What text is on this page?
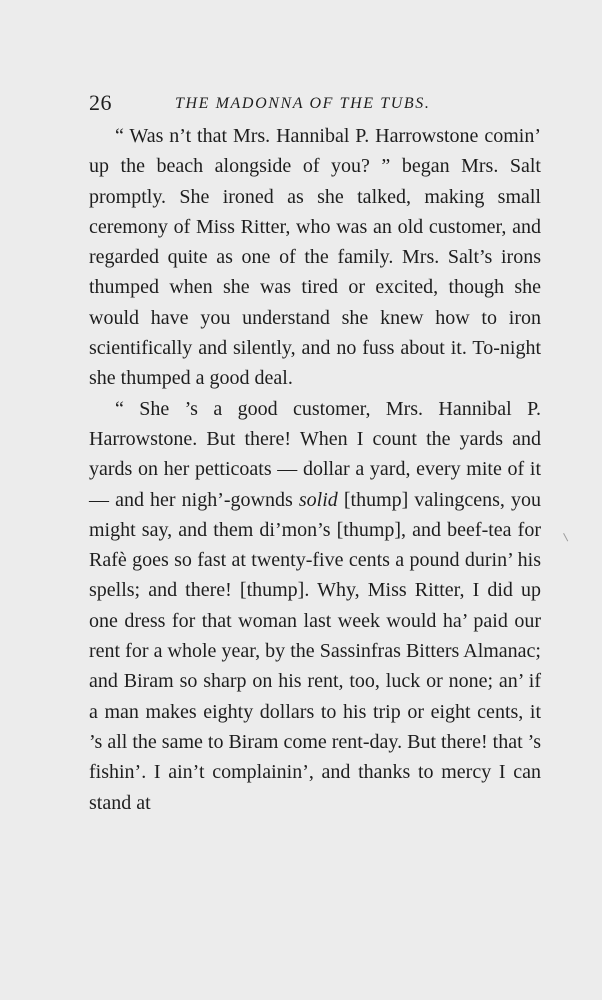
26	THE MADONNA OF THE TUBS.

“ Was n’t that Mrs. Hannibal P. Harrowstone comin’ up the beach alongside of you? ” began Mrs. Salt promptly. She ironed as she talked, making small ceremony of Miss Ritter, who was an old customer, and regarded quite as one of the family. Mrs. Salt’s irons thumped when she was tired or excited, though she would have you understand she knew how to iron scientifically and silently, and no fuss about it. To-night she thumped a good deal.

“ She ’s a good customer, Mrs. Hannibal P. Harrowstone. But there! When I count the yards and yards on her petticoats — dollar a yard, every mite of it — and her nigh’-gownds solid [thump] valingcens, you might say, and them di’mon’s [thump], and beef-tea for Rafè goes so fast at twenty-five cents a pound durin’ his spells; and there! [thump]. Why, Miss Ritter, I did up one dress for that woman last week would ha’ paid our rent for a whole year, by the Sassinfras Bitters Almanac; and Biram so sharp on his rent, too, luck or none; an’ if a man makes eighty dollars to his trip or eight cents, it ’s all the same to Biram come rent-day. But there! that ’s fishin’. I ain’t complainin’, and thanks to mercy I can stand at
